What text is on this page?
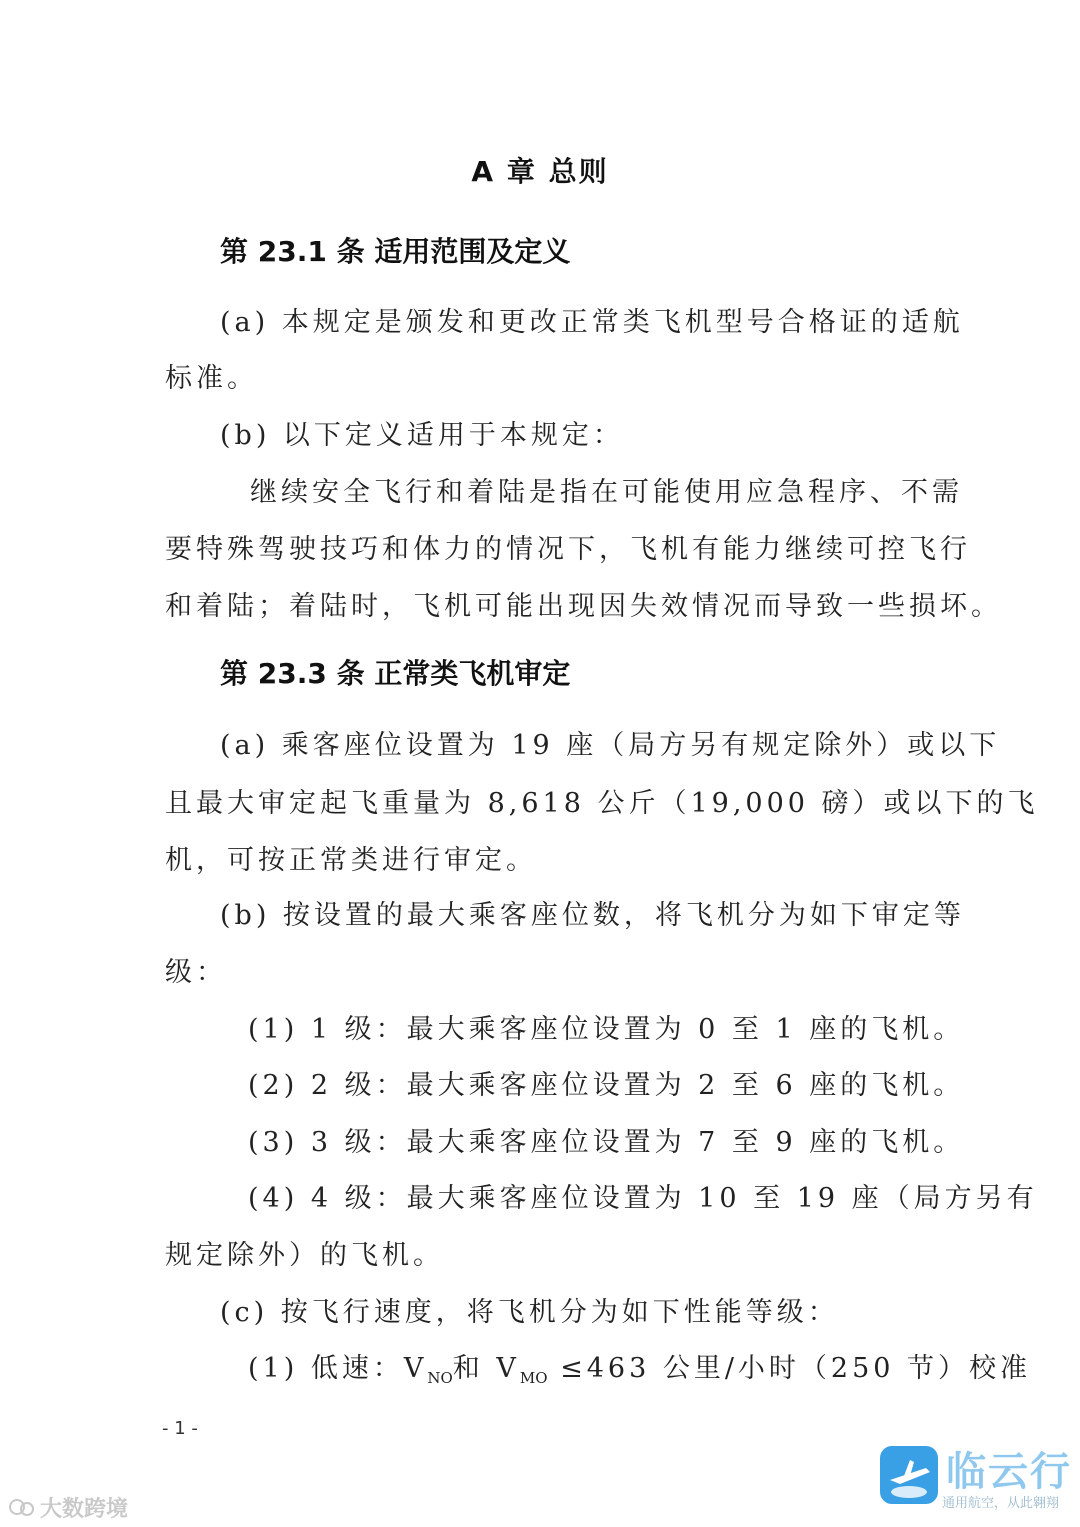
A 章 总则
第 23.1 条 适用范围及定义
(a) 本规定是颁发和更改正常类飞机型号合格证的适航
标准。
(b) 以下定义适用于本规定：
继续安全飞行和着陆是指在可能使用应急程序、不需
要特殊驾驶技巧和体力的情况下，飞机有能力继续可控飞行
和着陆；着陆时，飞机可能出现因失效情况而导致一些损坏。
第 23.3 条 正常类飞机审定
(a) 乘客座位设置为 19 座（局方另有规定除外）或以下
且最大审定起飞重量为 8,618 公斤（19,000 磅）或以下的飞
机，可按正常类进行审定。
(b) 按设置的最大乘客座位数，将飞机分为如下审定等
级：
(1) 1 级：最大乘客座位设置为 0 至 1 座的飞机。
(2) 2 级：最大乘客座位设置为 2 至 6 座的飞机。
(3) 3 级：最大乘客座位设置为 7 至 9 座的飞机。
(4) 4 级：最大乘客座位设置为 10 至 19 座（局方另有
规定除外）的飞机。
(c) 按飞行速度，将飞机分为如下性能等级：
(1) 低速：$V_{NO}$和 $V_{MO} \le 463$ 公里/小时（250 节）校准
- 1 -
大数跨境
临云行
通用航空，从此翱翔
